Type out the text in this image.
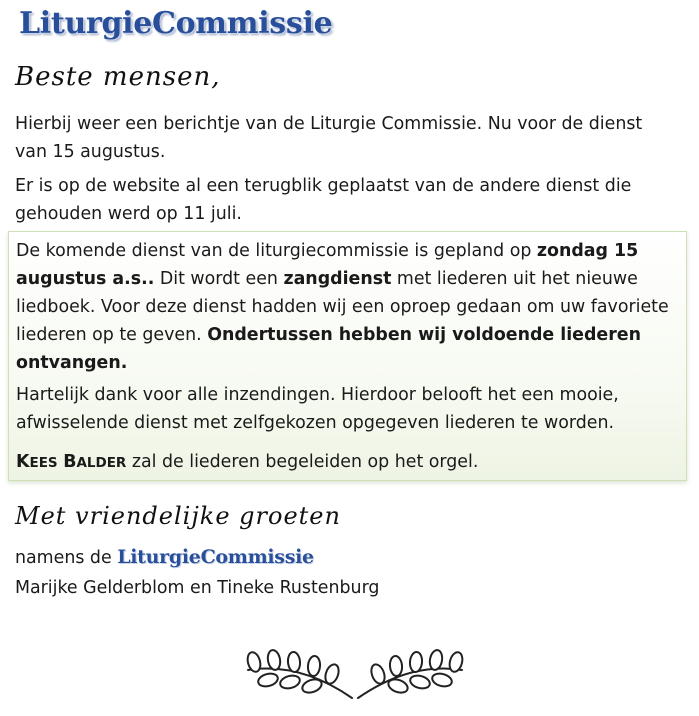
LiturgieCommissie
Beste mensen,

Hierbij weer een berichtje van de Liturgie Commissie. Nu voor de dienst van 15 augustus.

Er is op de website al een terugblik geplaatst van de andere dienst die gehouden werd op 11 juli.

De komende dienst van de liturgiecommissie is gepland op zondag 15 augustus a.s.. Dit wordt een zangdienst met liederen uit het nieuwe liedboek. Voor deze dienst hadden wij een oproep gedaan om uw favoriete liederen op te geven. Ondertussen hebben wij voldoende liederen ontvangen.

Hartelijk dank voor alle inzendingen. Hierdoor belooft het een mooie, afwisselende dienst met zelfgekozen opgegeven liederen te worden.

KEES BALDER zal de liederen begeleiden op het orgel.

Met vriendelijke groeten
namens de LiturgieCommissie
Marijke Gelderblom en Tineke Rustenburg
